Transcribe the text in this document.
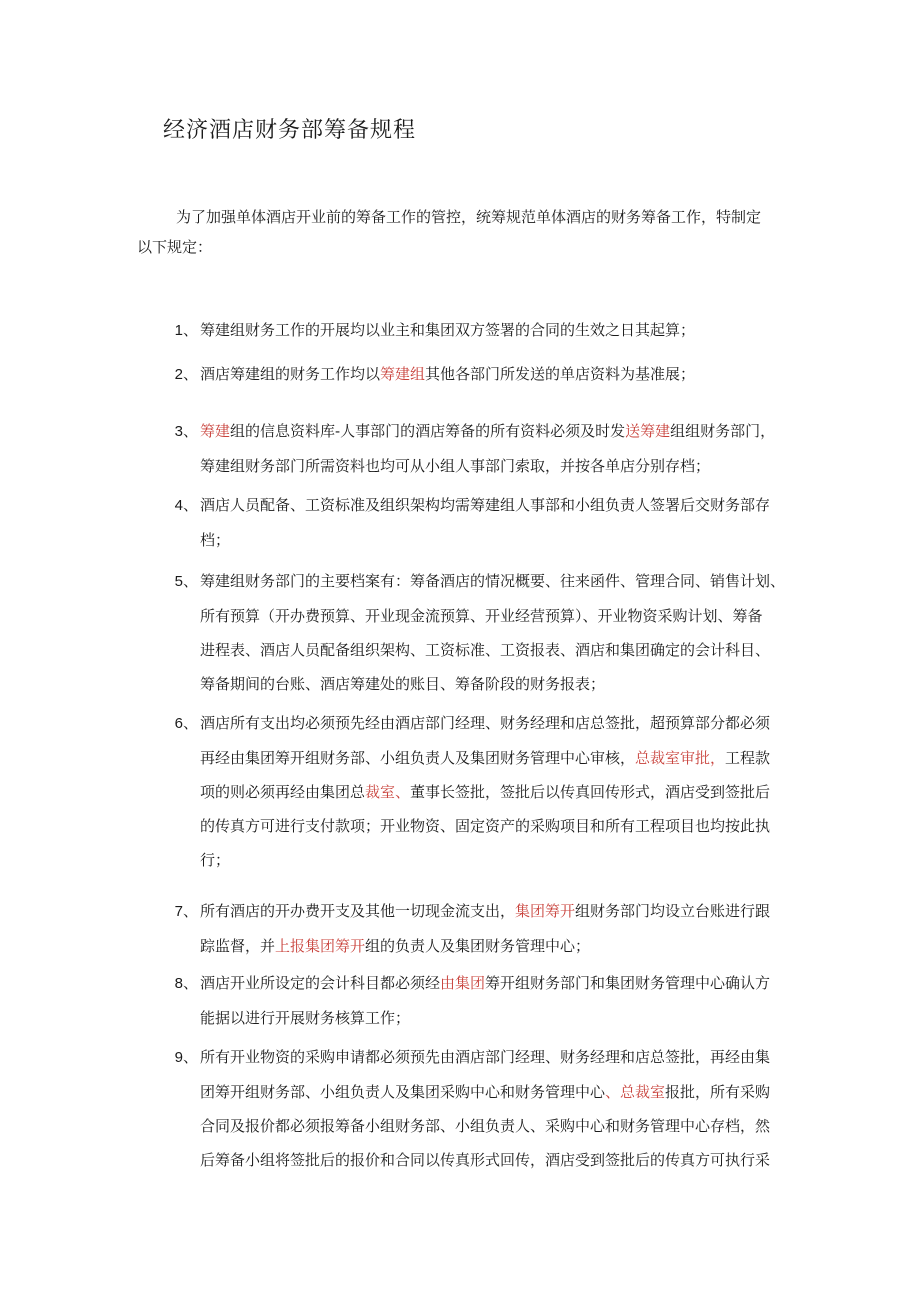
经济酒店财务部筹备规程
为了加强单体酒店开业前的筹备工作的管控，统筹规范单体酒店的财务筹备工作，特制定
以下规定：
1、 筹建组财务工作的开展均以业主和集团双方签署的合同的生效之日其起算；
2、 酒店筹建组的财务工作均以筹建组其他各部门所发送的单店资料为基准展；
3、 筹建组的信息资料库-人事部门的酒店筹备的所有资料必须及时发送筹建组组财务部门，
筹建组财务部门所需资料也均可从小组人事部门索取，并按各单店分别存档；
4、 酒店人员配备、工资标准及组织架构均需筹建组人事部和小组负责人签署后交财务部存
档；
5、 筹建组财务部门的主要档案有：筹备酒店的情况概要、往来函件、管理合同、销售计划、
所有预算（开办费预算、开业现金流预算、开业经营预算）、开业物资采购计划、筹备
进程表、酒店人员配备组织架构、工资标准、工资报表、酒店和集团确定的会计科目、
筹备期间的台账、酒店筹建处的账目、筹备阶段的财务报表；
6、 酒店所有支出均必须预先经由酒店部门经理、财务经理和店总签批，超预算部分都必须
再经由集团筹开组财务部、小组负责人及集团财务管理中心审核，总裁室审批，工程款
项的则必须再经由集团总裁室、董事长签批，签批后以传真回传形式，酒店受到签批后
的传真方可进行支付款项；开业物资、固定资产的采购项目和所有工程项目也均按此执
行；
7、 所有酒店的开办费开支及其他一切现金流支出，集团筹开组财务部门均设立台账进行跟
踪监督，并上报集团筹开组的负责人及集团财务管理中心；
8、 酒店开业所设定的会计科目都必须经由集团筹开组财务部门和集团财务管理中心确认方
能据以进行开展财务核算工作；
9、 所有开业物资的采购申请都必须预先由酒店部门经理、财务经理和店总签批，再经由集
团筹开组财务部、小组负责人及集团采购中心和财务管理中心、总裁室报批，所有采购
合同及报价都必须报筹备小组财务部、小组负责人、采购中心和财务管理中心存档，然
后筹备小组将签批后的报价和合同以传真形式回传，酒店受到签批后的传真方可执行采
